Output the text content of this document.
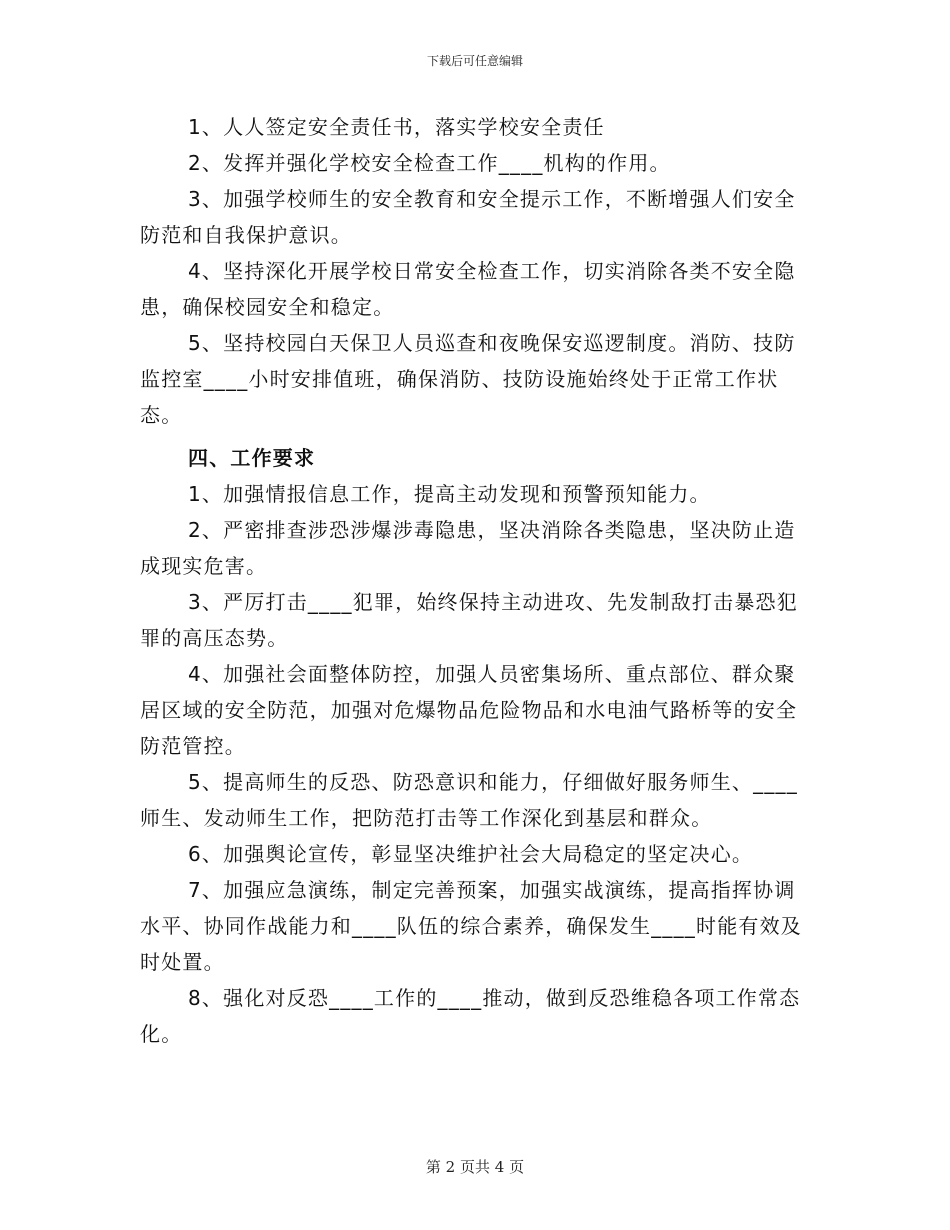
下载后可任意编辑

1、人人签定安全责任书，落实学校安全责任

2、发挥并强化学校安全检查工作____机构的作用。

3、加强学校师生的安全教育和安全提示工作，不断增强人们安全防范和自我保护意识。

4、坚持深化开展学校日常安全检查工作，切实消除各类不安全隐患，确保校园安全和稳定。

5、坚持校园白天保卫人员巡查和夜晚保安巡逻制度。消防、技防监控室____小时安排值班，确保消防、技防设施始终处于正常工作状态。

四、工作要求

1、加强情报信息工作，提高主动发现和预警预知能力。

2、严密排查涉恐涉爆涉毒隐患，坚决消除各类隐患，坚决防止造成现实危害。

3、严厉打击____犯罪，始终保持主动进攻、先发制敌打击暴恐犯罪的高压态势。

4、加强社会面整体防控，加强人员密集场所、重点部位、群众聚居区域的安全防范，加强对危爆物品危险物品和水电油气路桥等的安全防范管控。

5、提高师生的反恐、防恐意识和能力，仔细做好服务师生、____师生、发动师生工作，把防范打击等工作深化到基层和群众。

6、加强舆论宣传，彰显坚决维护社会大局稳定的坚定决心。

7、加强应急演练，制定完善预案，加强实战演练，提高指挥协调水平、协同作战能力和____队伍的综合素养，确保发生____时能有效及时处置。

8、强化对反恐____工作的____推动，做到反恐维稳各项工作常态化。

第 2 页共 4 页
